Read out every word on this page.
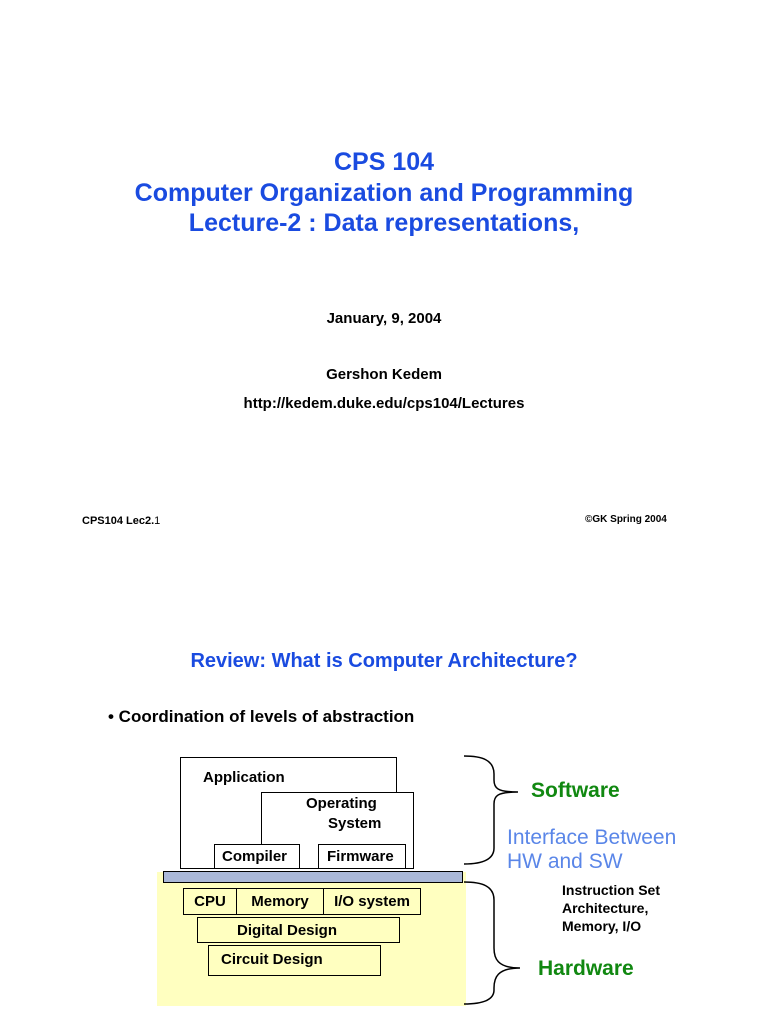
CPS 104
Computer Organization and Programming
Lecture-2 : Data representations,
January, 9, 2004
Gershon Kedem
http://kedem.duke.edu/cps104/Lectures
CPS104 Lec2.1	©GK Spring 2004
Review: What is Computer Architecture?
• Coordination of levels of abstraction
Application
Operating
System
Compiler	Firmware
CPU	Memory	I/O system
Digital Design
Circuit Design
Software
Interface Between
HW and SW
Instruction Set
Architecture,
Memory, I/O
Hardware
